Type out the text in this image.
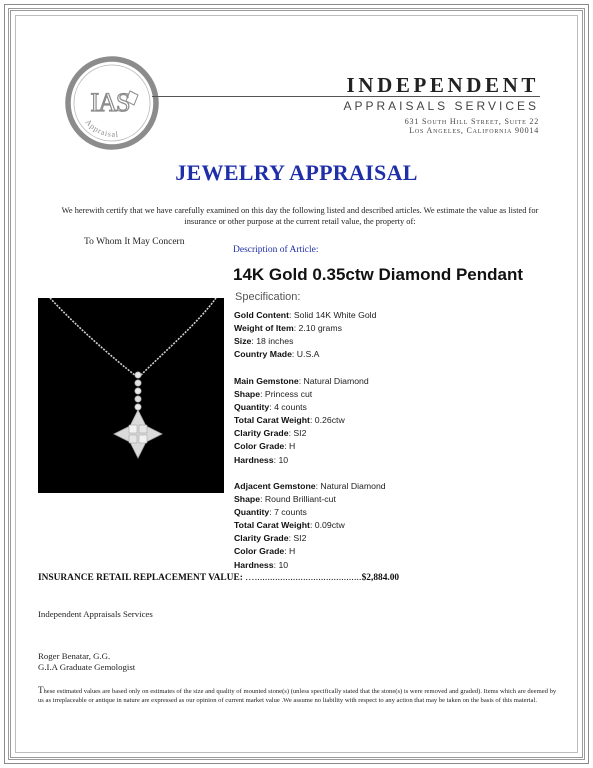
IAS
Appraisal
INDEPENDENT
APPRAISALS SERVICES
631 South Hill Street, Suite 22
Los Angeles, California 90014
JEWELRY APPRAISAL
We herewith certify that we have carefully examined on this day the following listed and described articles. We estimate the value as listed for insurance or other purpose at the current retail value, the property of:
To Whom It May Concern
Description of Article:
14K Gold 0.35ctw Diamond Pendant
Specification:
Gold Content: Solid 14K White Gold
Weight of Item: 2.10 grams
Size: 18 inches
Country Made: U.S.A
Main Gemstone: Natural Diamond
Shape: Princess cut
Quantity: 4 counts
Total Carat Weight: 0.26ctw
Clarity Grade: SI2
Color Grade: H
Hardness: 10
Adjacent Gemstone: Natural Diamond
Shape: Round Brilliant-cut
Quantity: 7 counts
Total Carat Weight: 0.09ctw
Clarity Grade: SI2
Color Grade: H
Hardness: 10
INSURANCE RETAIL REPLACEMENT VALUE: …..........................................$2,884.00
Independent Appraisals Services
Roger Benatar, G.G.
G.I.A Graduate Gemologist
These estimated values are based only on estimates of the size and quality of mounted stone(s) (unless specifically stated that the stone(s) is were removed and graded). Items which are deemed by us as irreplaceable or antique in nature are expressed as our opinion of current market value .We assume no liability with respect to any action that may be taken on the basis of this material.
